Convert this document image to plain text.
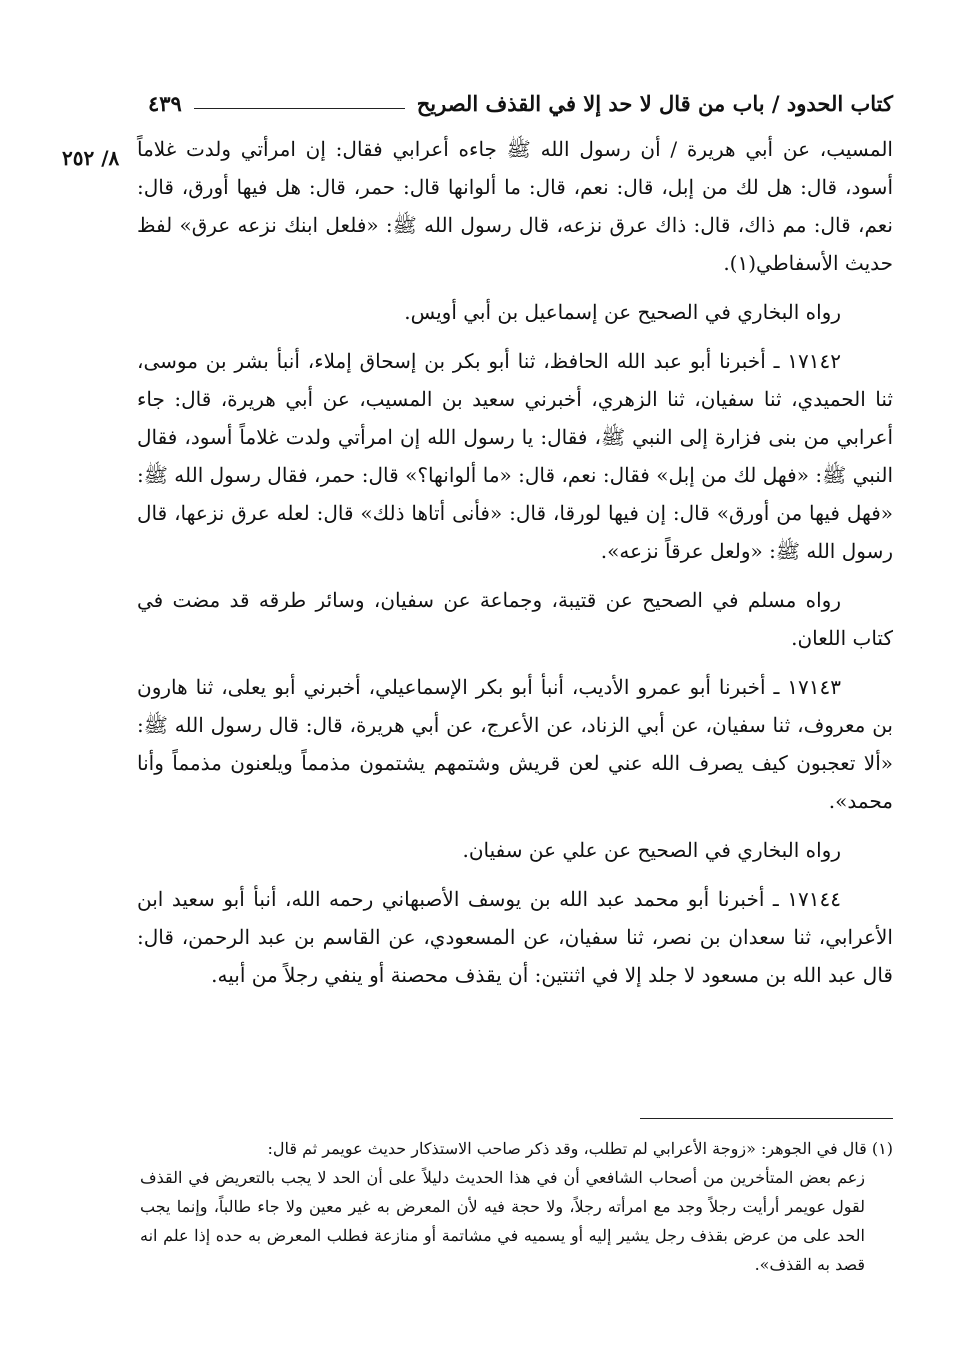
كتاب الحدود / باب من قال لا حد إلا في القذف الصريح
٤٣٩
٨/ ٢٥٢ المسيب، عن أبي هريرة / أن رسول الله ﷺ جاءه أعرابي فقال: إن امرأتي ولدت غلاماً أسود، قال: هل لك من إبل، قال: نعم، قال: ما ألوانها قال: حمر، قال: هل فيها أورق، قال: نعم، قال: مم ذاك، قال: ذاك عرق نزعه، قال رسول الله ﷺ: «فلعل ابنك نزعه عرق» لفظ حديث الأسفاطي(١).

رواه البخاري في الصحيح عن إسماعيل بن أبي أويس.

١٧١٤٢ ـ أخبرنا أبو عبد الله الحافظ، ثنا أبو بكر بن إسحاق إملاء، أنبأ بشر بن موسى، ثنا الحميدي، ثنا سفيان، ثنا الزهري، أخبرني سعيد بن المسيب، عن أبي هريرة، قال: جاء أعرابي من بنى فزارة إلى النبي ﷺ، فقال: يا رسول الله إن امرأتي ولدت غلاماً أسود، فقال النبي ﷺ: «فهل لك من إبل» فقال: نعم، قال: «ما ألوانها؟» قال: حمر، فقال رسول الله ﷺ: «فهل فيها من أورق» قال: إن فيها لورقا، قال: «فأنى أتاها ذلك» قال: لعله عرق نزعها، قال رسول الله ﷺ: «ولعل عرقاً نزعه».

رواه مسلم في الصحيح عن قتيبة، وجماعة عن سفيان، وسائر طرقه قد مضت في كتاب اللعان.

١٧١٤٣ ـ أخبرنا أبو عمرو الأديب، أنبأ أبو بكر الإسماعيلي، أخبرني أبو يعلى، ثنا هارون بن معروف، ثنا سفيان، عن أبي الزناد، عن الأعرج، عن أبي هريرة، قال: قال رسول الله ﷺ: «ألا تعجبون كيف يصرف الله عني لعن قريش وشتمهم يشتمون مذمماً ويلعنون مذمماً وأنا محمد».

رواه البخاري في الصحيح عن علي عن سفيان.

١٧١٤٤ ـ أخبرنا أبو محمد عبد الله بن يوسف الأصبهاني رحمه الله، أنبأ أبو سعيد ابن الأعرابي، ثنا سعدان بن نصر، ثنا سفيان، عن المسعودي، عن القاسم بن عبد الرحمن، قال: قال عبد الله بن مسعود لا جلد إلا في اثنتين: أن يقذف محصنة أو ينفي رجلاً من أبيه.

(١) قال في الجوهر: «زوجة الأعرابي لم تطلب، وقد ذكر صاحب الاستذكار حديث عويمر ثم قال:

زعم بعض المتأخرين من أصحاب الشافعي أن في هذا الحديث دليلاً على أن الحد لا يجب بالتعريض في القذف لقول عويمر أرأيت رجلاً وجد مع امرأته رجلاً، ولا حجة فيه لأن المعرض به غير معين ولا جاء طالباً، وإنما يجب الحد على من عرض بقذف رجل يشير إليه أو يسميه في مشاتمة أو منازعة فطلب المعرض به حده إذا علم انه قصد به القذف».
